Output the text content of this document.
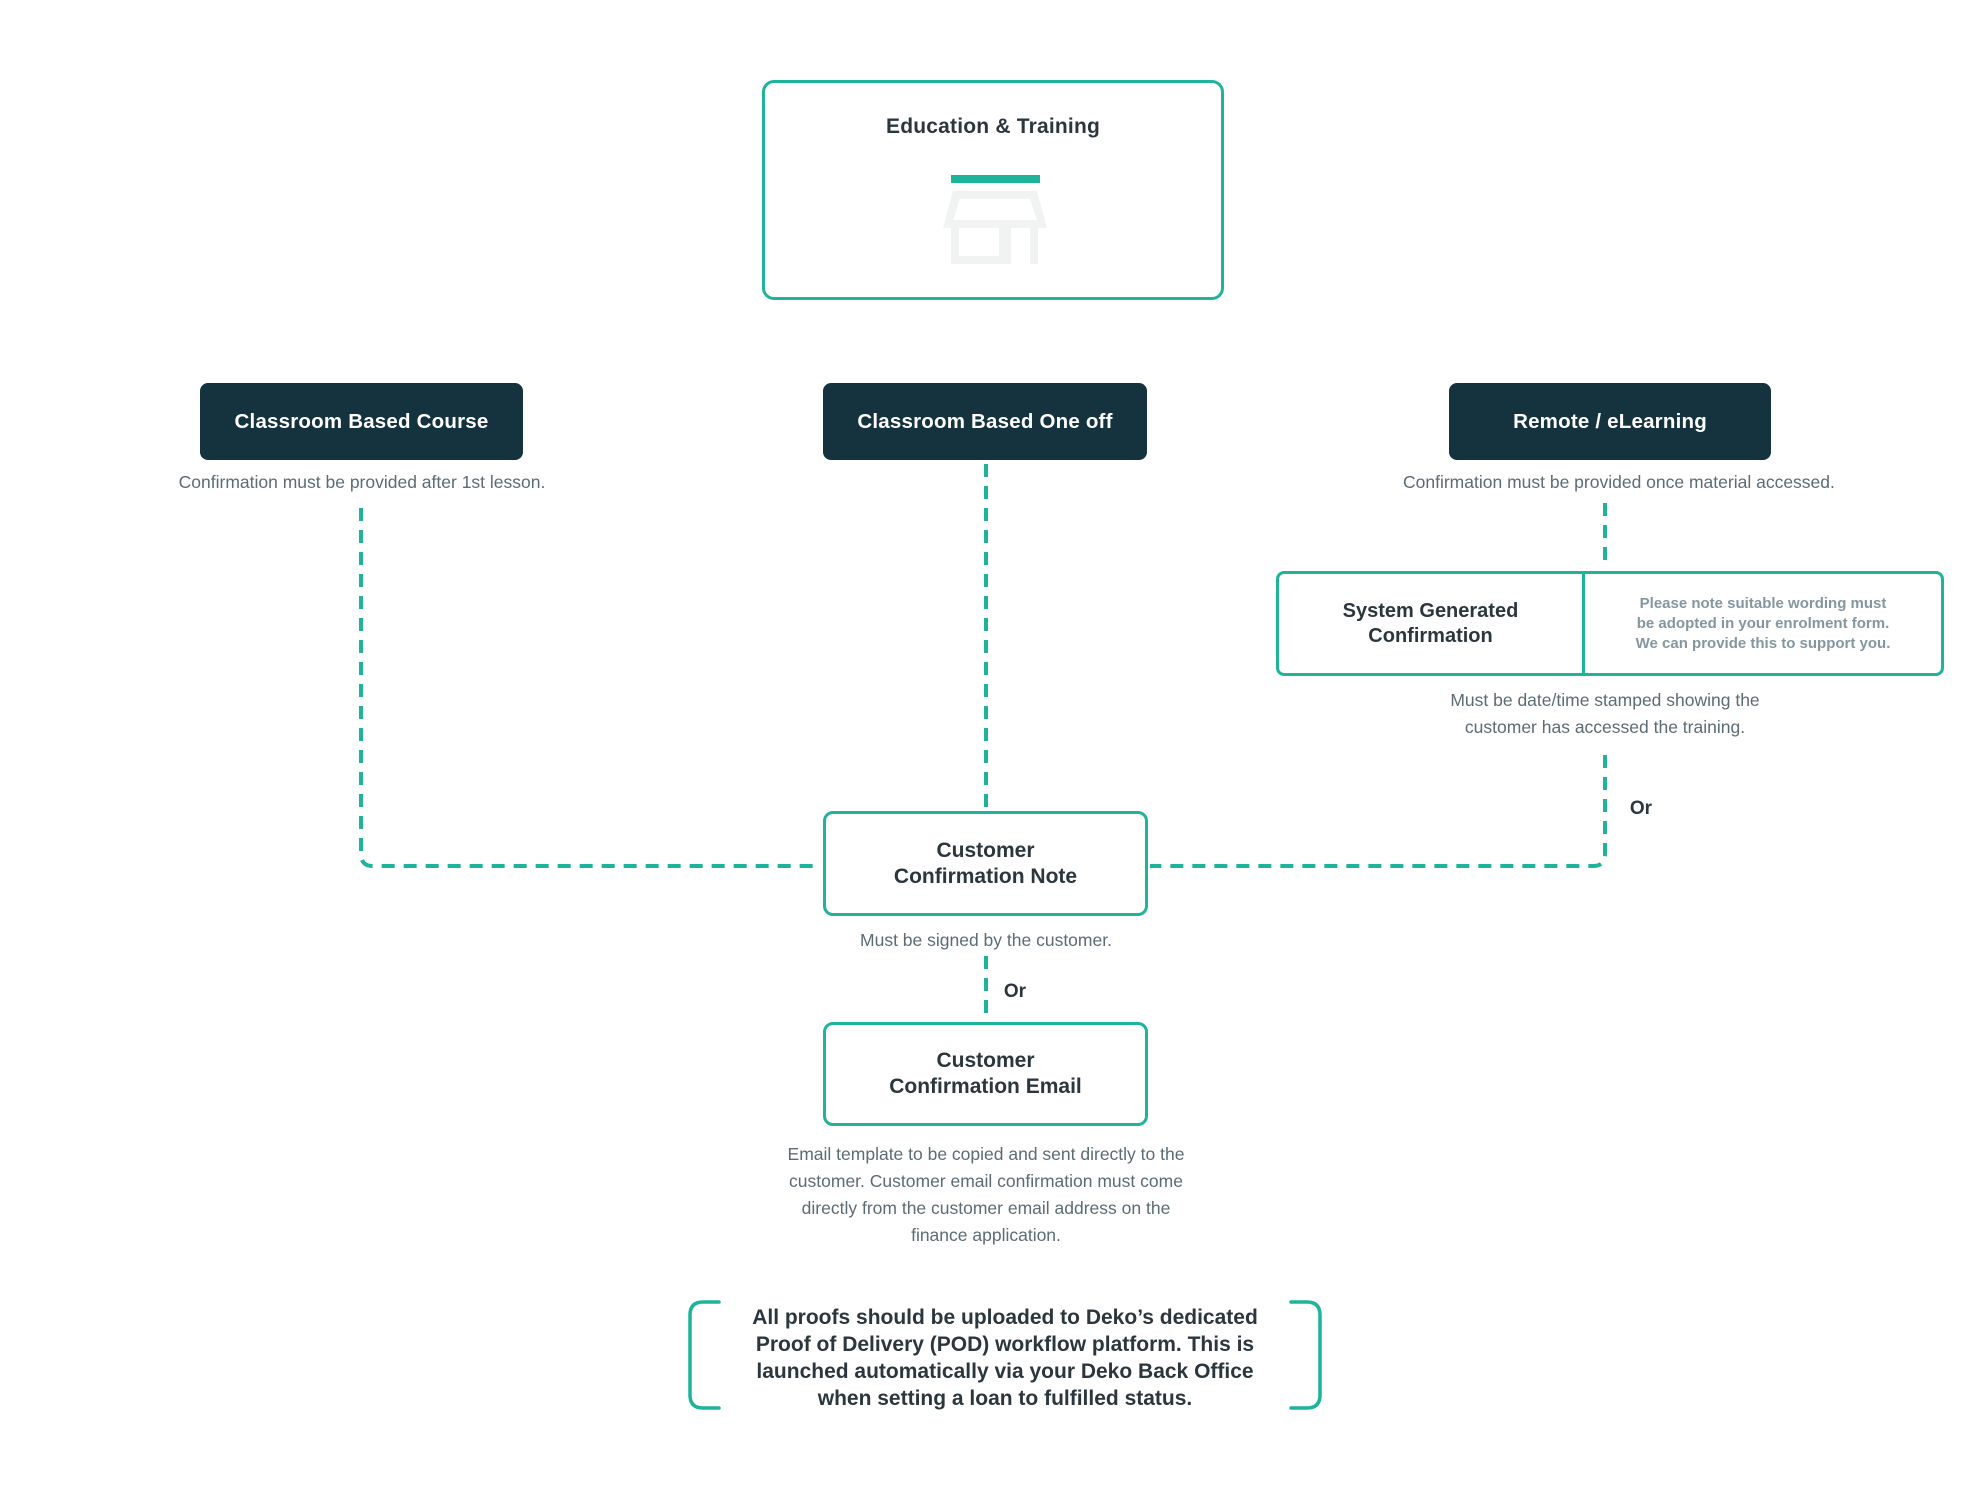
Education & Training
Classroom Based Course	Classroom Based One off	Remote / eLearning
Confirmation must be provided after 1st lesson.	Confirmation must be provided once material accessed.
System Generated
Confirmation
Please note suitable wording must
be adopted in your enrolment form.
We can provide this to support you.
Must be date/time stamped showing the
customer has accessed the training.
Or
Or
Customer
Confirmation Note
Must be signed by the customer.
Customer
Confirmation Email
Email template to be copied and sent directly to the
customer. Customer email confirmation must come
directly from the customer email address on the
finance application.
All proofs should be uploaded to Deko’s dedicated
Proof of Delivery (POD) workflow platform. This is
launched automatically via your Deko Back Office
when setting a loan to fulfilled status.
